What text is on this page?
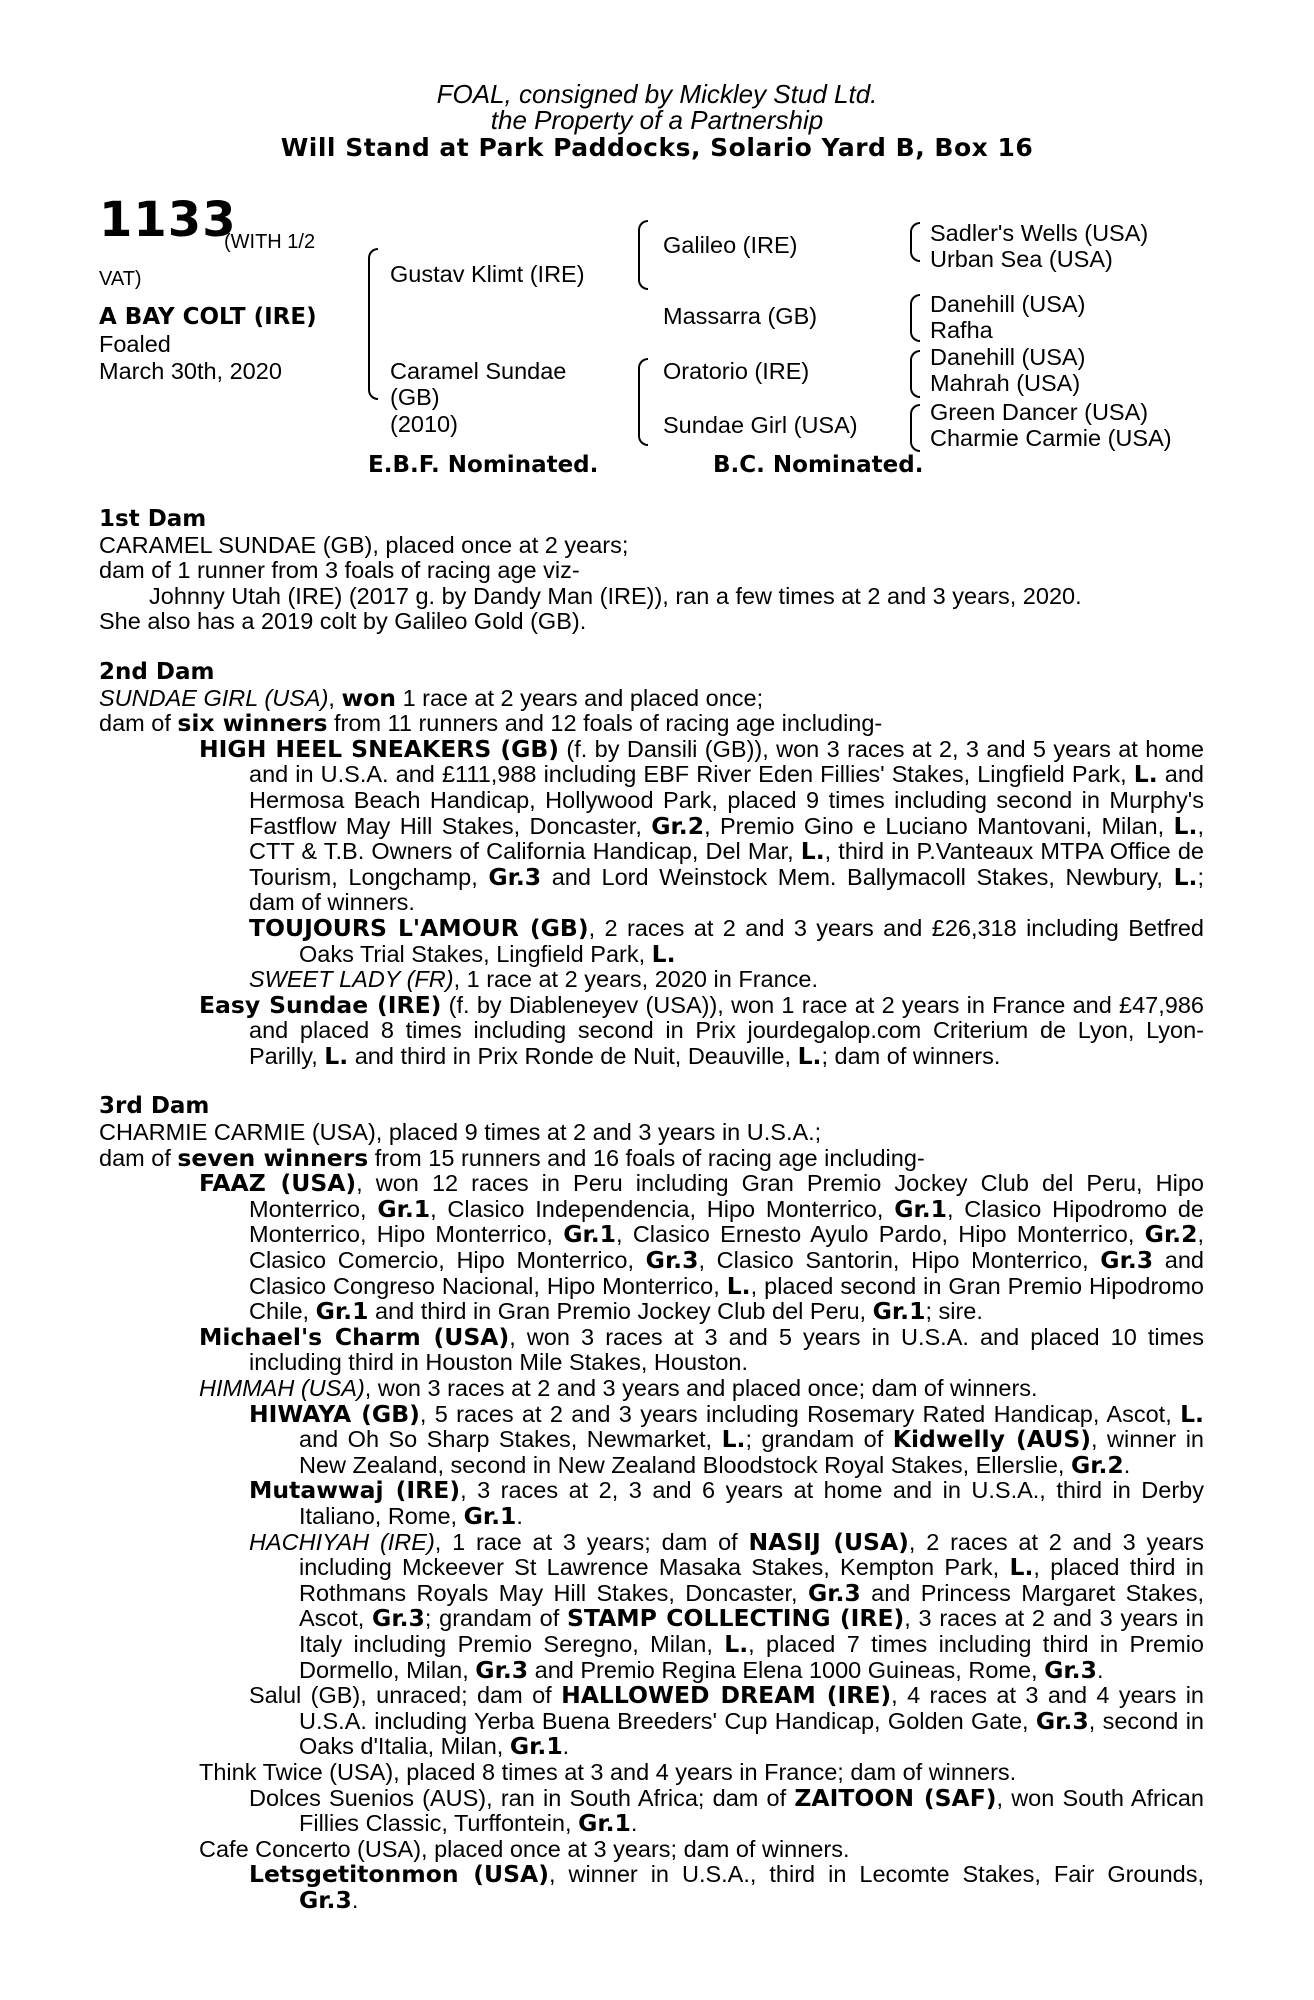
FOAL, consigned by Mickley Stud Ltd.
the Property of a Partnership
Will Stand at Park Paddocks, Solario Yard B, Box 16
1133
(WITH 1/2
VAT)
A BAY COLT (IRE)
Foaled
March 30th, 2020
Gustav Klimt (IRE)
Caramel Sundae
(GB)
(2010)
Galileo (IRE)
Massarra (GB)
Oratorio (IRE)
Sundae Girl (USA)
Sadler's Wells (USA)
Urban Sea (USA)
Danehill (USA)
Rafha
Danehill (USA)
Mahrah (USA)
Green Dancer (USA)
Charmie Carmie (USA)
E.B.F. Nominated.	B.C. Nominated.
1st Dam
CARAMEL SUNDAE (GB), placed once at 2 years;
dam of 1 runner from 3 foals of racing age viz-
Johnny Utah (IRE) (2017 g. by Dandy Man (IRE)), ran a few times at 2 and 3 years, 2020.
She also has a 2019 colt by Galileo Gold (GB).
2nd Dam
SUNDAE GIRL (USA), won 1 race at 2 years and placed once;
dam of six winners from 11 runners and 12 foals of racing age including-
HIGH HEEL SNEAKERS (GB) (f. by Dansili (GB)), won 3 races at 2, 3 and 5 years at home and in U.S.A. and £111,988 including EBF River Eden Fillies' Stakes, Lingfield Park, L. and Hermosa Beach Handicap, Hollywood Park, placed 9 times including second in Murphy's Fastflow May Hill Stakes, Doncaster, Gr.2, Premio Gino e Luciano Mantovani, Milan, L., CTT & T.B. Owners of California Handicap, Del Mar, L., third in P.Vanteaux MTPA Office de Tourism, Longchamp, Gr.3 and Lord Weinstock Mem. Ballymacoll Stakes, Newbury, L.; dam of winners.
TOUJOURS L'AMOUR (GB), 2 races at 2 and 3 years and £26,318 including Betfred Oaks Trial Stakes, Lingfield Park, L.
SWEET LADY (FR), 1 race at 2 years, 2020 in France.
Easy Sundae (IRE) (f. by Diableneyev (USA)), won 1 race at 2 years in France and £47,986 and placed 8 times including second in Prix jourdegalop.com Criterium de Lyon, Lyon-Parilly, L. and third in Prix Ronde de Nuit, Deauville, L.; dam of winners.
3rd Dam
CHARMIE CARMIE (USA), placed 9 times at 2 and 3 years in U.S.A.;
dam of seven winners from 15 runners and 16 foals of racing age including-
FAAZ (USA), won 12 races in Peru including Gran Premio Jockey Club del Peru, Hipo Monterrico, Gr.1, Clasico Independencia, Hipo Monterrico, Gr.1, Clasico Hipodromo de Monterrico, Hipo Monterrico, Gr.1, Clasico Ernesto Ayulo Pardo, Hipo Monterrico, Gr.2, Clasico Comercio, Hipo Monterrico, Gr.3, Clasico Santorin, Hipo Monterrico, Gr.3 and Clasico Congreso Nacional, Hipo Monterrico, L., placed second in Gran Premio Hipodromo Chile, Gr.1 and third in Gran Premio Jockey Club del Peru, Gr.1; sire.
Michael's Charm (USA), won 3 races at 3 and 5 years in U.S.A. and placed 10 times including third in Houston Mile Stakes, Houston.
HIMMAH (USA), won 3 races at 2 and 3 years and placed once; dam of winners.
HIWAYA (GB), 5 races at 2 and 3 years including Rosemary Rated Handicap, Ascot, L. and Oh So Sharp Stakes, Newmarket, L.; grandam of Kidwelly (AUS), winner in New Zealand, second in New Zealand Bloodstock Royal Stakes, Ellerslie, Gr.2.
Mutawwaj (IRE), 3 races at 2, 3 and 6 years at home and in U.S.A., third in Derby Italiano, Rome, Gr.1.
HACHIYAH (IRE), 1 race at 3 years; dam of NASIJ (USA), 2 races at 2 and 3 years including Mckeever St Lawrence Masaka Stakes, Kempton Park, L., placed third in Rothmans Royals May Hill Stakes, Doncaster, Gr.3 and Princess Margaret Stakes, Ascot, Gr.3; grandam of STAMP COLLECTING (IRE), 3 races at 2 and 3 years in Italy including Premio Seregno, Milan, L., placed 7 times including third in Premio Dormello, Milan, Gr.3 and Premio Regina Elena 1000 Guineas, Rome, Gr.3.
Salul (GB), unraced; dam of HALLOWED DREAM (IRE), 4 races at 3 and 4 years in U.S.A. including Yerba Buena Breeders' Cup Handicap, Golden Gate, Gr.3, second in Oaks d'Italia, Milan, Gr.1.
Think Twice (USA), placed 8 times at 3 and 4 years in France; dam of winners.
Dolces Suenios (AUS), ran in South Africa; dam of ZAITOON (SAF), won South African Fillies Classic, Turffontein, Gr.1.
Cafe Concerto (USA), placed once at 3 years; dam of winners.
Letsgetitonmon (USA), winner in U.S.A., third in Lecomte Stakes, Fair Grounds, Gr.3.
